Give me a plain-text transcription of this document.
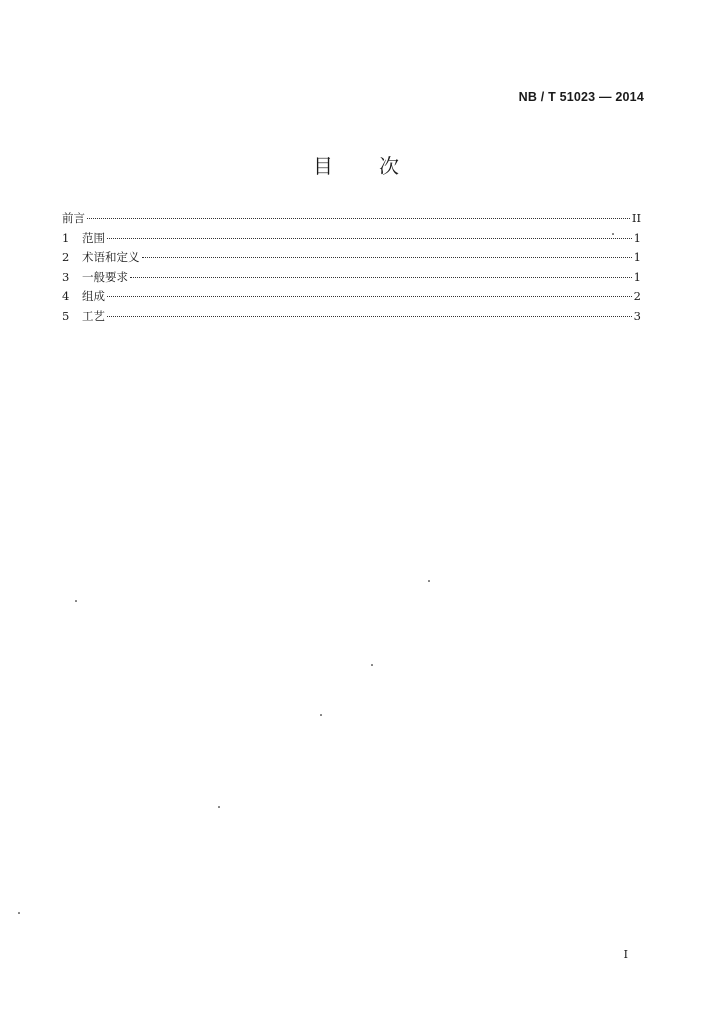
NB / T 51023 — 2014
目次
前言	II
1	范围	1
2	术语和定义	1
3	一般要求	1
4	组成	2
5	工艺	3
I
